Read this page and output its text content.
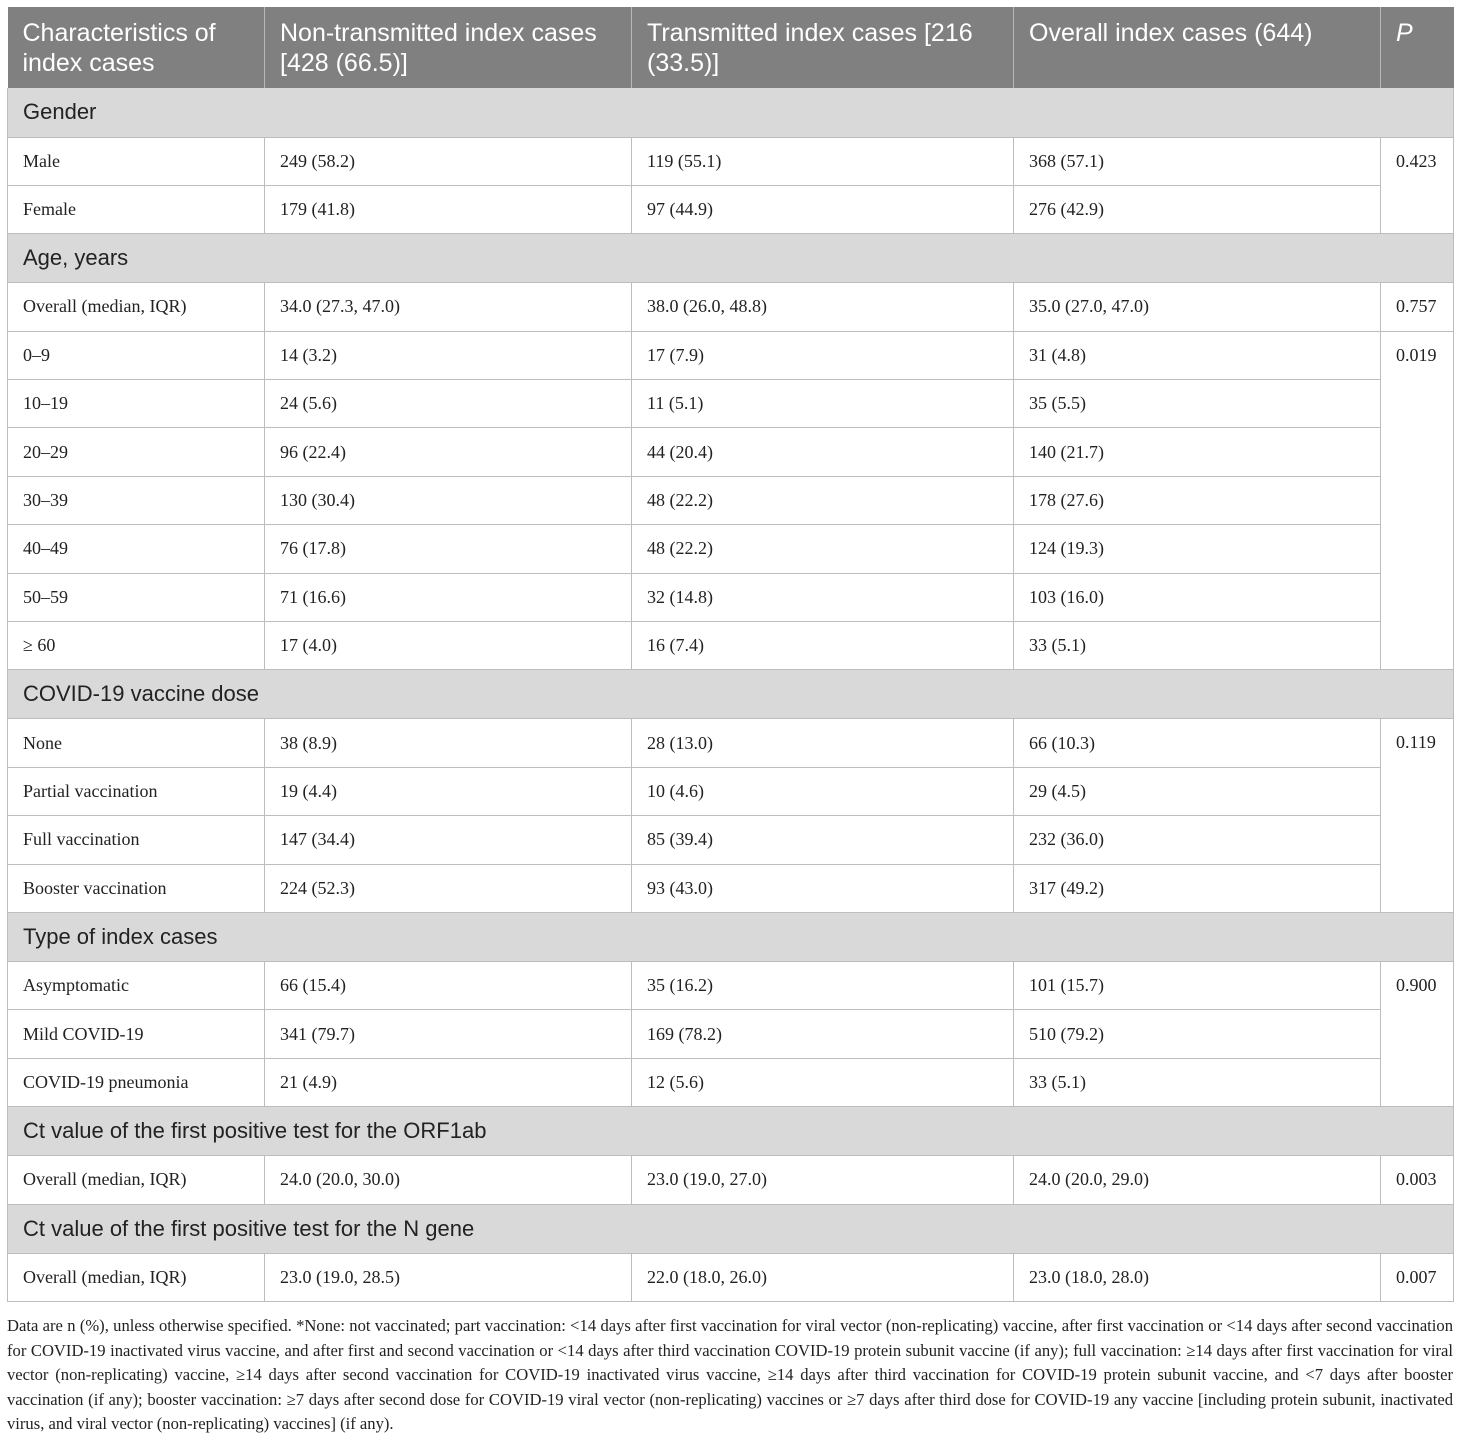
Characteristics of index cases	Non-transmitted index cases [428 (66.5)]	Transmitted index cases [216 (33.5)]	Overall index cases (644)	P
Gender				
Male	249 (58.2)	119 (55.1)	368 (57.1)	0.423
Female	179 (41.8)	97 (44.9)	276 (42.9)	
Age, years				
Overall (median, IQR)	34.0 (27.3, 47.0)	38.0 (26.0, 48.8)	35.0 (27.0, 47.0)	0.757
0–9	14 (3.2)	17 (7.9)	31 (4.8)	0.019
10–19	24 (5.6)	11 (5.1)	35 (5.5)	
20–29	96 (22.4)	44 (20.4)	140 (21.7)	
30–39	130 (30.4)	48 (22.2)	178 (27.6)	
40–49	76 (17.8)	48 (22.2)	124 (19.3)	
50–59	71 (16.6)	32 (14.8)	103 (16.0)	
≥ 60	17 (4.0)	16 (7.4)	33 (5.1)	
COVID-19 vaccine dose				
None	38 (8.9)	28 (13.0)	66 (10.3)	0.119
Partial vaccination	19 (4.4)	10 (4.6)	29 (4.5)	
Full vaccination	147 (34.4)	85 (39.4)	232 (36.0)	
Booster vaccination	224 (52.3)	93 (43.0)	317 (49.2)	
Type of index cases				
Asymptomatic	66 (15.4)	35 (16.2)	101 (15.7)	0.900
Mild COVID-19	341 (79.7)	169 (78.2)	510 (79.2)	
COVID-19 pneumonia	21 (4.9)	12 (5.6)	33 (5.1)	
Ct value of the first positive test for the ORF1ab				
Overall (median, IQR)	24.0 (20.0, 30.0)	23.0 (19.0, 27.0)	24.0 (20.0, 29.0)	0.003
Ct value of the first positive test for the N gene				
Overall (median, IQR)	23.0 (19.0, 28.5)	22.0 (18.0, 26.0)	23.0 (18.0, 28.0)	0.007

Data are n (%), unless otherwise specified. *None: not vaccinated; part vaccination: <14 days after first vaccination for viral vector (non-replicating) vaccine, after first vaccination or <14 days after second vaccination for COVID-19 inactivated virus vaccine, and after first and second vaccination or <14 days after third vaccination COVID-19 protein subunit vaccine (if any); full vaccination: ≥14 days after first vaccination for viral vector (non-replicating) vaccine, ≥14 days after second vaccination for COVID-19 inactivated virus vaccine, ≥14 days after third vaccination for COVID-19 protein subunit vaccine, and <7 days after booster vaccination (if any); booster vaccination: ≥7 days after second dose for COVID-19 viral vector (non-replicating) vaccines or ≥7 days after third dose for COVID-19 any vaccine [including protein subunit, inactivated virus, and viral vector (non-replicating) vaccines] (if any).
